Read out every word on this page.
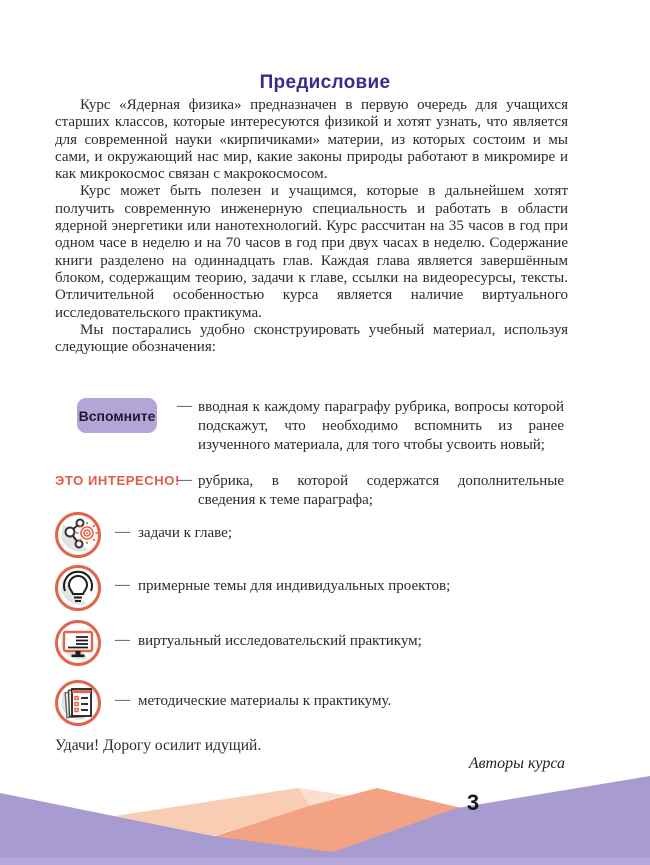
Предисловие

Курс «Ядерная физика» предназначен в первую очередь для учащихся старших классов, которые интересуются физикой и хотят узнать, что является для современной науки «кирпичиками» материи, из которых состоим и мы сами, и окружающий нас мир, какие законы природы работают в микромире и как микрокосмос связан с макрокосмосом.

Курс может быть полезен и учащимся, которые в дальнейшем хотят получить современную инженерную специальность и работать в области ядерной энергетики или нанотехнологий. Курс рассчитан на 35 часов в год при одном часе в неделю и на 70 часов в год при двух часах в неделю. Содержание книги разделено на одиннадцать глав. Каждая глава является завершённым блоком, содержащим теорию, задачи к главе, ссылки на видеоресурсы, тексты. Отличительной особенностью курса является наличие виртуального исследовательского практикума.

Мы постарались удобно сконструировать учебный материал, используя следующие обозначения:

Вспомните
— вводная к каждому параграфу рубрика, вопросы которой подскажут, что необходимо вспомнить из ранее изученного материала, для того чтобы усвоить новый;
ЭТО ИНТЕРЕСНО!
— рубрика, в которой содержатся дополнительные сведения к теме параграфа;
— задачи к главе;
— примерные темы для индивидуальных проектов;
— виртуальный исследовательский практикум;
— методические материалы к практикуму.
Удачи! Дорогу осилит идущий.
Авторы курса
3
